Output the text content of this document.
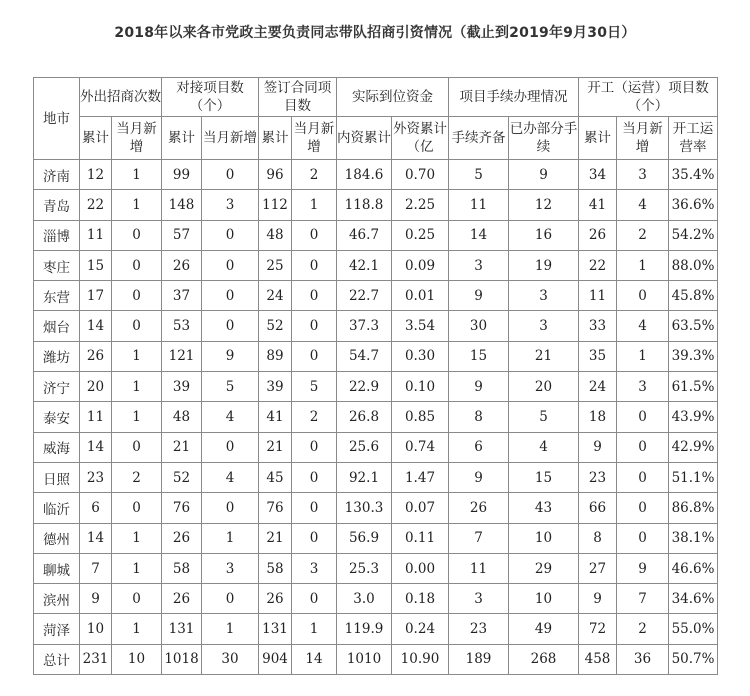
2018年以来各市党政主要负责同志带队招商引资情况（截止到2019年9月30日）
地市	外出招商次数		对接项目数（个）		签订合同项目数		实际到位资金		项目手续办理情况		开工（运营）项目数（个）		
	累计	当月新增	累计	当月新增	累计	当月新增	内资累计	外资累计（亿	手续齐备	已办部分手续	累计	当月新增	开工运营率
济南	12	1	99	0	96	2	184.6	0.70	5	9	34	3	35.4%
青岛	22	1	148	3	112	1	118.8	2.25	11	12	41	4	36.6%
淄博	11	0	57	0	48	0	46.7	0.25	14	16	26	2	54.2%
枣庄	15	0	26	0	25	0	42.1	0.09	3	19	22	1	88.0%
东营	17	0	37	0	24	0	22.7	0.01	9	3	11	0	45.8%
烟台	14	0	53	0	52	0	37.3	3.54	30	3	33	4	63.5%
潍坊	26	1	121	9	89	0	54.7	0.30	15	21	35	1	39.3%
济宁	20	1	39	5	39	5	22.9	0.10	9	20	24	3	61.5%
泰安	11	1	48	4	41	2	26.8	0.85	8	5	18	0	43.9%
威海	14	0	21	0	21	0	25.6	0.74	6	4	9	0	42.9%
日照	23	2	52	4	45	0	92.1	1.47	9	15	23	0	51.1%
临沂	6	0	76	0	76	0	130.3	0.07	26	43	66	0	86.8%
德州	14	1	26	1	21	0	56.9	0.11	7	10	8	0	38.1%
聊城	7	1	58	3	58	3	25.3	0.00	11	29	27	9	46.6%
滨州	9	0	26	0	26	0	3.0	0.18	3	10	9	7	34.6%
菏泽	10	1	131	1	131	1	119.9	0.24	23	49	72	2	55.0%
总计	231	10	1018	30	904	14	1010	10.90	189	268	458	36	50.7%
